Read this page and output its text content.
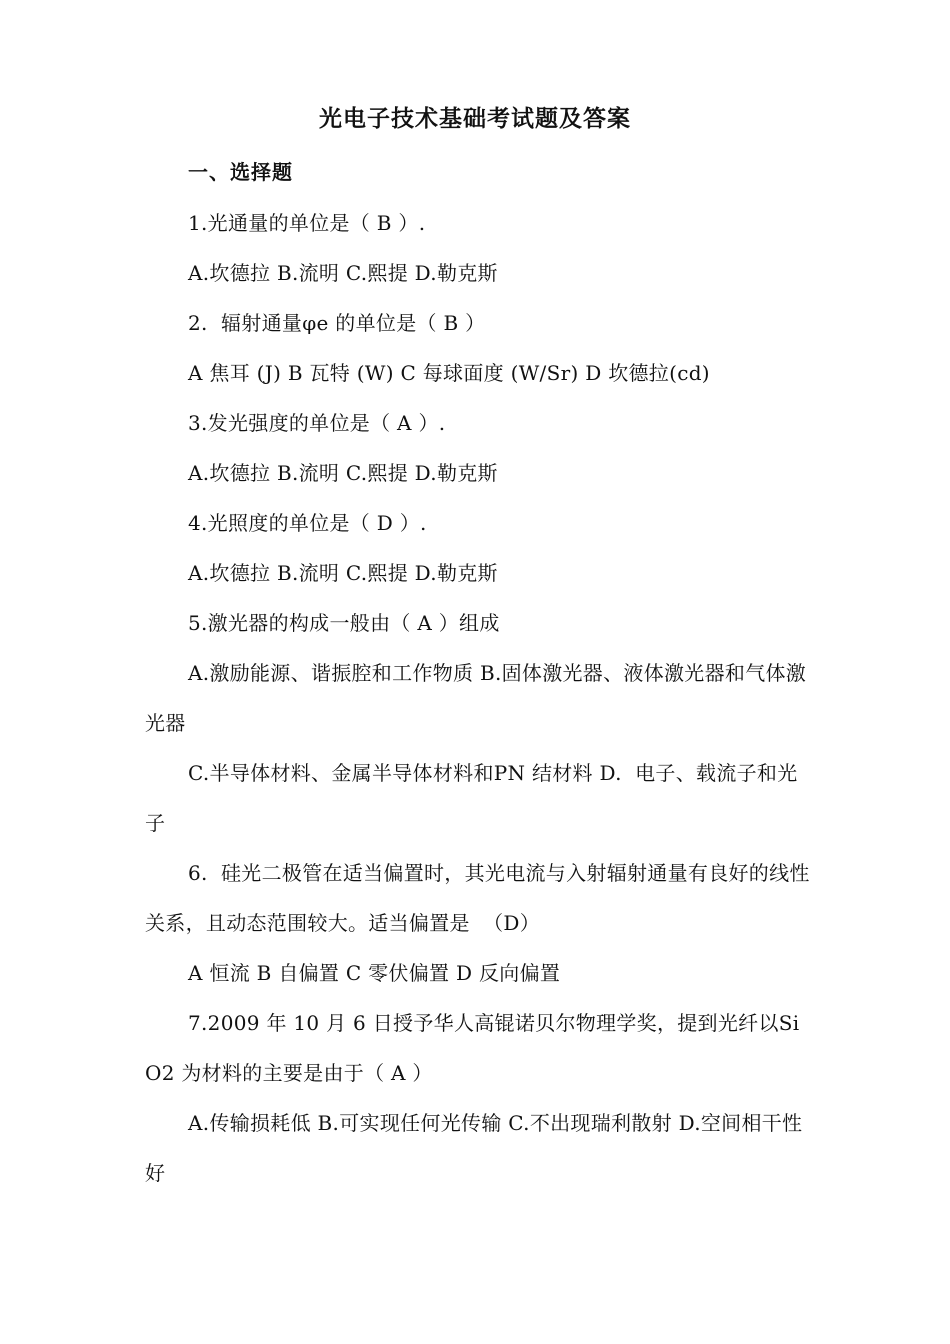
光电子技术基础考试题及答案
一、选择题

1.光通量的单位是（ B ）.

A.坎德拉 B.流明 C.熙提 D.勒克斯

2.  辐射通量φe 的单位是（ B ）

A 焦耳 (J) B 瓦特 (W) C 每球面度 (W/Sr) D 坎德拉(cd)

3.发光强度的单位是（ A ）.

A.坎德拉 B.流明 C.熙提 D.勒克斯

4.光照度的单位是（ D ）.

A.坎德拉 B.流明 C.熙提 D.勒克斯

5.激光器的构成一般由（ A ）组成

A.激励能源、谐振腔和工作物质 B.固体激光器、液体激光器和气体激光器

C.半导体材料、金属半导体材料和PN 结材料 D.  电子、载流子和光子

6.  硅光二极管在适当偏置时，其光电流与入射辐射通量有良好的线性关系，且动态范围较大。适当偏置是  （D）

A 恒流 B 自偏置 C 零伏偏置 D 反向偏置

7.2009 年 10 月 6 日授予华人高锟诺贝尔物理学奖，提到光纤以SiO2 为材料的主要是由于（ A ）

A.传输损耗低 B.可实现任何光传输 C.不出现瑞利散射 D.空间相干性好
